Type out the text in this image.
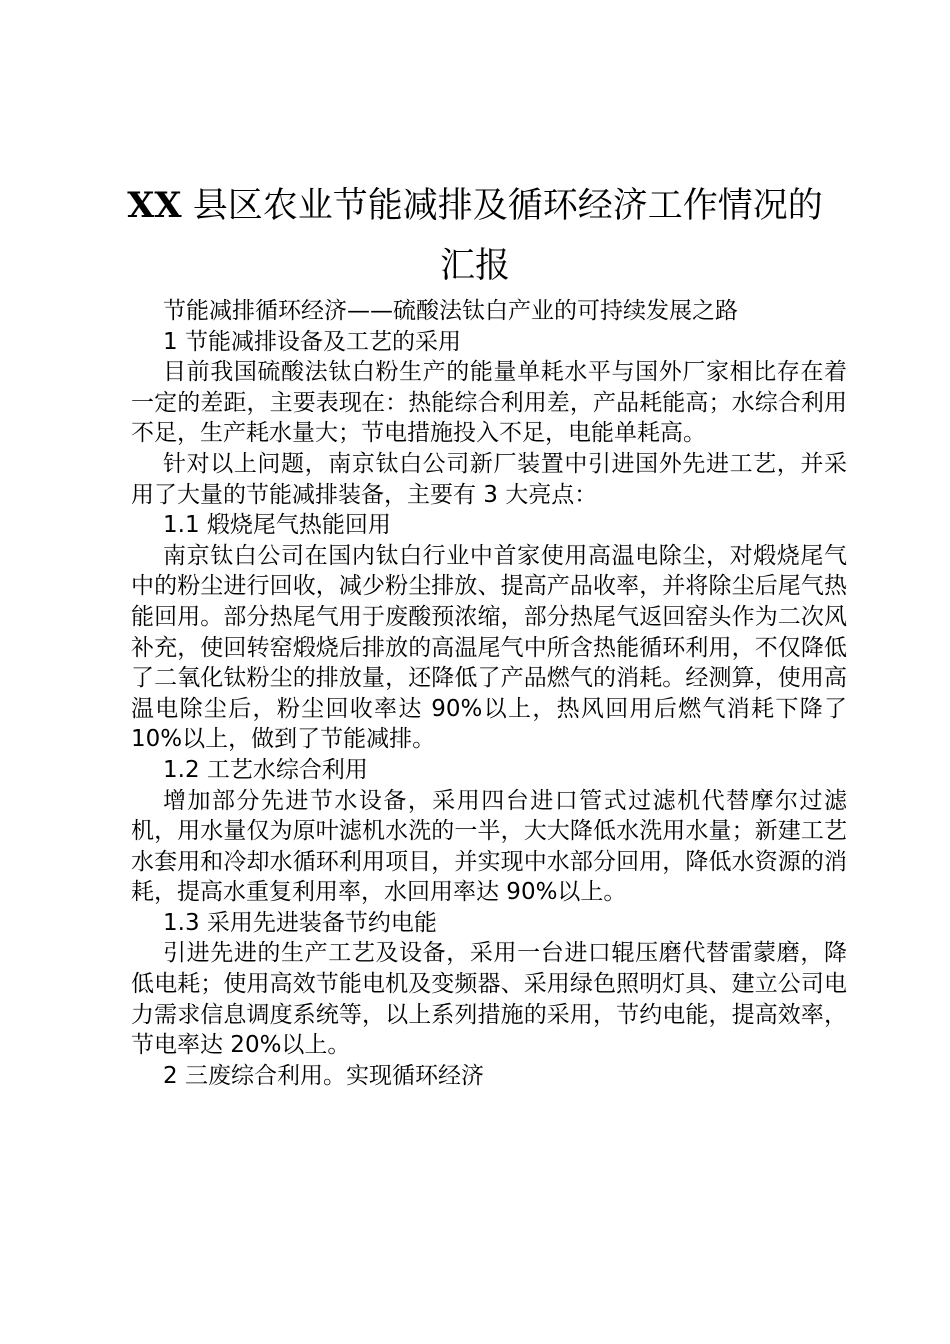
XX 县区农业节能减排及循环经济工作情况的
汇报

节能减排循环经济——硫酸法钛白产业的可持续发展之路

1 节能减排设备及工艺的采用

目前我国硫酸法钛白粉生产的能量单耗水平与国外厂家相比存在着一定的差距，主要表现在：热能综合利用差，产品耗能高；水综合利用不足，生产耗水量大；节电措施投入不足，电能单耗高。

针对以上问题，南京钛白公司新厂装置中引进国外先进工艺，并采用了大量的节能减排装备，主要有 3 大亮点：

1.1 煅烧尾气热能回用

南京钛白公司在国内钛白行业中首家使用高温电除尘，对煅烧尾气中的粉尘进行回收，减少粉尘排放、提高产品收率，并将除尘后尾气热能回用。部分热尾气用于废酸预浓缩，部分热尾气返回窑头作为二次风补充，使回转窑煅烧后排放的高温尾气中所含热能循环利用，不仅降低了二氧化钛粉尘的排放量，还降低了产品燃气的消耗。经测算，使用高温电除尘后，粉尘回收率达 90%以上，热风回用后燃气消耗下降了 10%以上，做到了节能减排。

1.2 工艺水综合利用

增加部分先进节水设备，采用四台进口管式过滤机代替摩尔过滤机，用水量仅为原叶滤机水洗的一半，大大降低水洗用水量；新建工艺水套用和冷却水循环利用项目，并实现中水部分回用，降低水资源的消耗，提高水重复利用率，水回用率达 90%以上。

1.3 采用先进装备节约电能

引进先进的生产工艺及设备，采用一台进口辊压磨代替雷蒙磨，降低电耗；使用高效节能电机及变频器、采用绿色照明灯具、建立公司电力需求信息调度系统等，以上系列措施的采用，节约电能，提高效率，节电率达 20%以上。

2 三废综合利用。实现循环经济
